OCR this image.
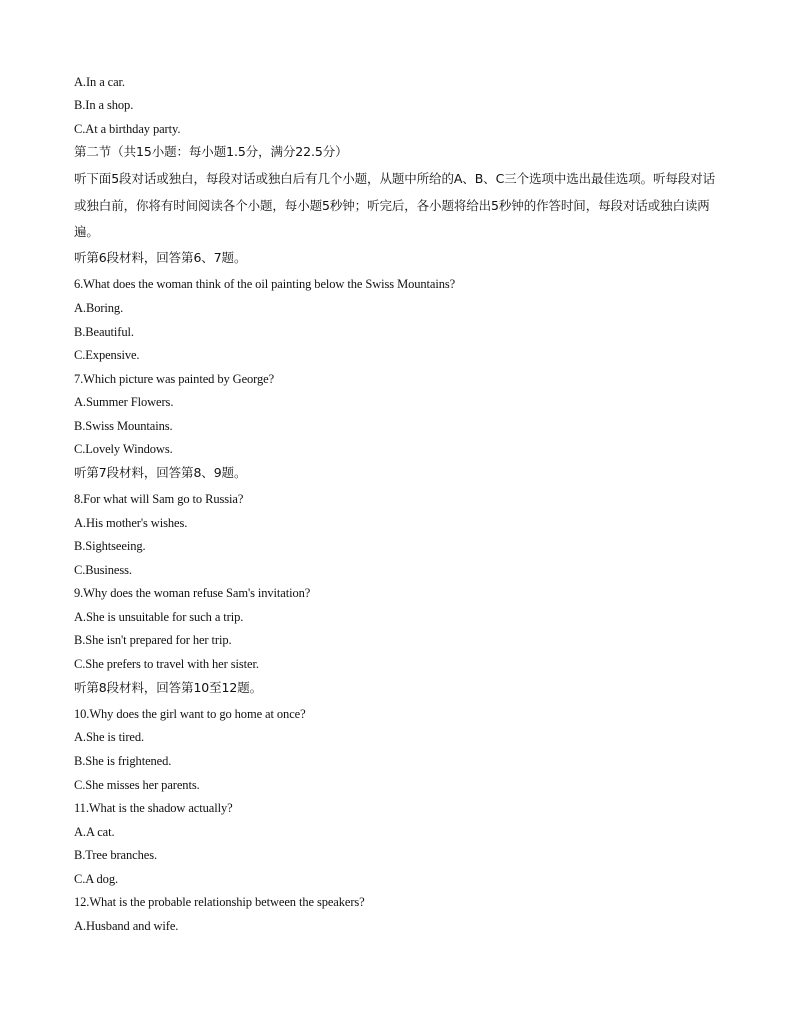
A.In a car.

B.In a shop.

C.At a birthday party.

第二节（共15小题：每小题1.5分，满分22.5分）

听下面5段对话或独白，每段对话或独白后有几个小题，从题中所给的A、B、C三个选项中选出最佳选项。听每段对话或独白前，你将有时间阅读各个小题，每小题5秒钟；听完后，各小题将给出5秒钟的作答时间，每段对话或独白读两遍。

听第6段材料，回答第6、7题。

6.What does the woman think of the oil painting below the Swiss Mountains?

A.Boring.

B.Beautiful.

C.Expensive.

7.Which picture was painted by George?

A.Summer Flowers.

B.Swiss Mountains.

C.Lovely Windows.

听第7段材料，回答第8、9题。

8.For what will Sam go to Russia?

A.His mother's wishes.

B.Sightseeing.

C.Business.

9.Why does the woman refuse Sam's invitation?

A.She is unsuitable for such a trip.

B.She isn't prepared for her trip.

C.She prefers to travel with her sister.

听第8段材料，回答第10至12题。

10.Why does the girl want to go home at once?

A.She is tired.

B.She is frightened.

C.She misses her parents.

11.What is the shadow actually?

A.A cat.

B.Tree branches.

C.A dog.

12.What is the probable relationship between the speakers?

A.Husband and wife.
